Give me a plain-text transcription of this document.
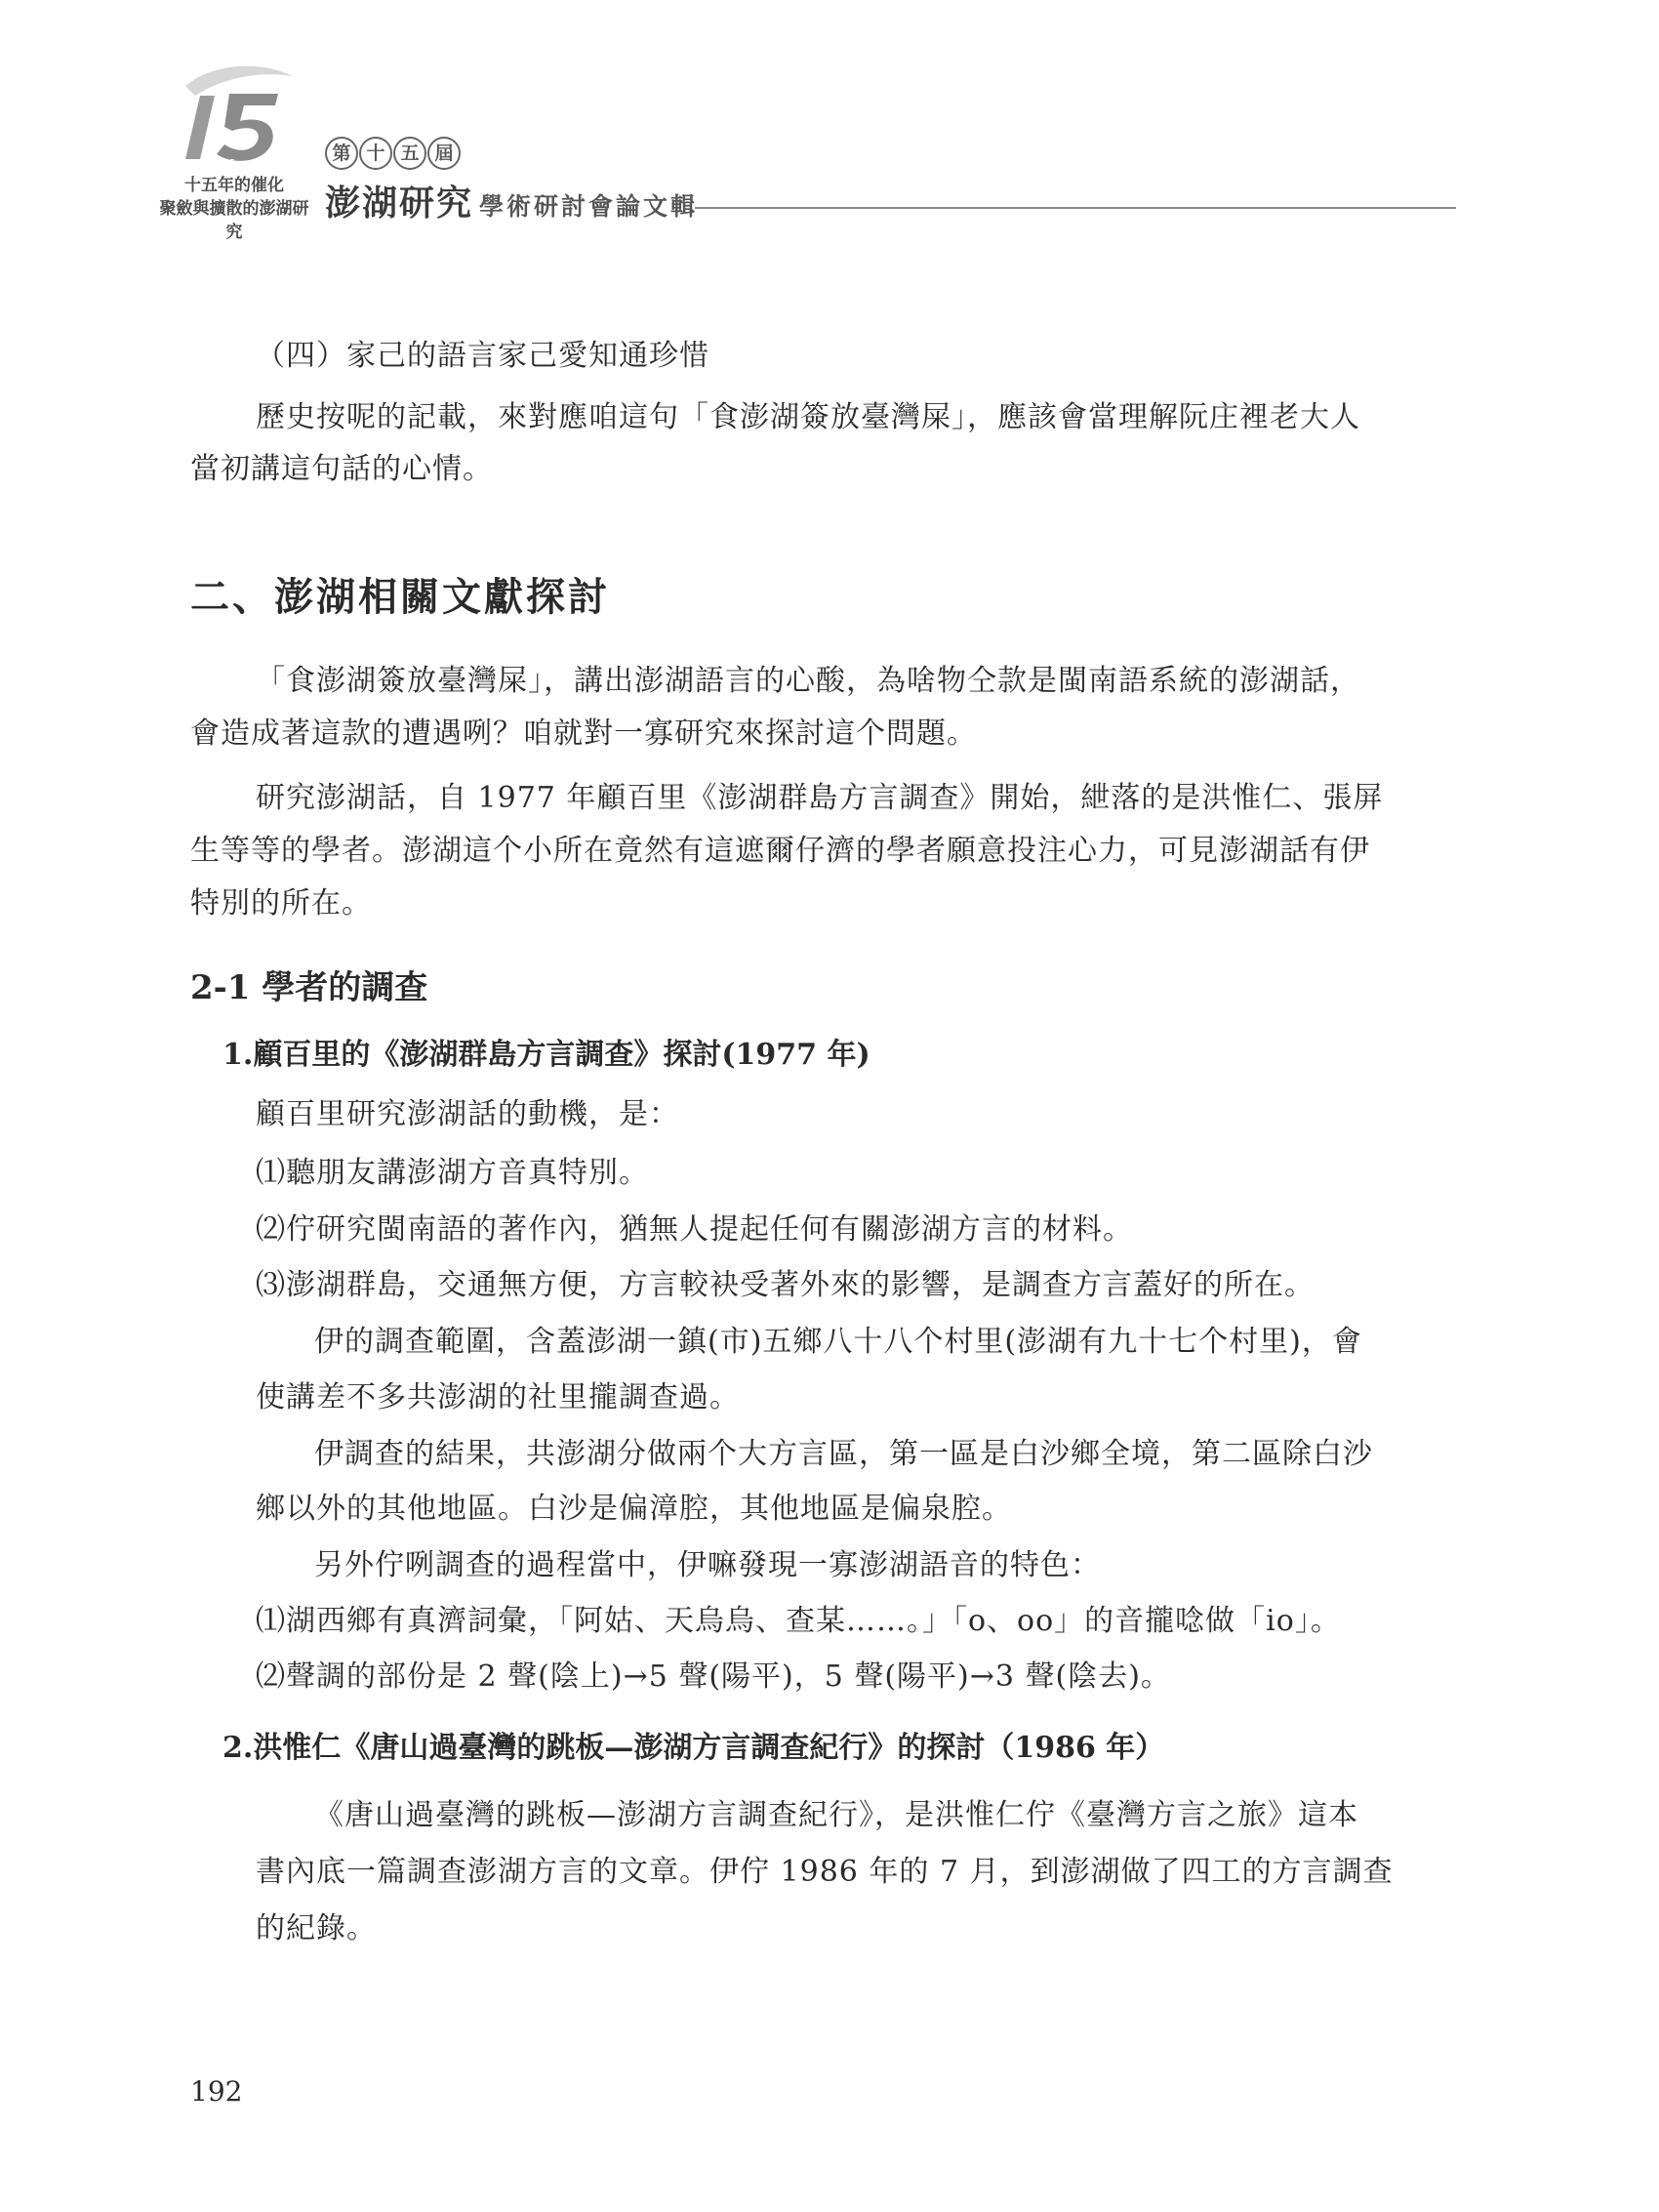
15
十五年的催化
聚斂與擴散的澎湖研究
第 十 五 屆
澎湖研究 學術研討會論文輯
（四）家己的語言家己愛知通珍惜
歷史按呢的記載，來對應咱這句「食澎湖簽放臺灣屎」，應該會當理解阮庄裡老大人
當初講這句話的心情。
二、澎湖相關文獻探討
「食澎湖簽放臺灣屎」，講出澎湖語言的心酸，為啥物仝款是閩南語系統的澎湖話，
會造成著這款的遭遇咧？咱就對一寡研究來探討這个問題。
研究澎湖話，自 1977 年顧百里《澎湖群島方言調查》開始，紲落的是洪惟仁、張屏
生等等的學者。澎湖這个小所在竟然有這遮爾仔濟的學者願意投注心力，可見澎湖話有伊
特別的所在。
2-1 學者的調查
1.顧百里的《澎湖群島方言調查》探討(1977 年)
顧百里研究澎湖話的動機，是：
⑴聽朋友講澎湖方音真特別。
⑵佇研究閩南語的著作內，猶無人提起任何有關澎湖方言的材料。
⑶澎湖群島，交通無方便，方言較袂受著外來的影響，是調查方言蓋好的所在。
伊的調查範圍，含蓋澎湖一鎮(市)五鄉八十八个村里(澎湖有九十七个村里)，會
使講差不多共澎湖的社里攏調查過。
伊調查的結果，共澎湖分做兩个大方言區，第一區是白沙鄉全境，第二區除白沙
鄉以外的其他地區。白沙是偏漳腔，其他地區是偏泉腔。
另外佇咧調查的過程當中，伊嘛發現一寡澎湖語音的特色：
⑴湖西鄉有真濟詞彙，「阿姑、天烏烏、查某……。」「o、oo」的音攏唸做「io」。
⑵聲調的部份是 2 聲(陰上)→5 聲(陽平)，5 聲(陽平)→3 聲(陰去)。
2.洪惟仁《唐山過臺灣的跳板—澎湖方言調查紀行》的探討（1986 年）
《唐山過臺灣的跳板—澎湖方言調查紀行》，是洪惟仁佇《臺灣方言之旅》這本
書內底一篇調查澎湖方言的文章。伊佇 1986 年的 7 月，到澎湖做了四工的方言調查
的紀錄。
192
